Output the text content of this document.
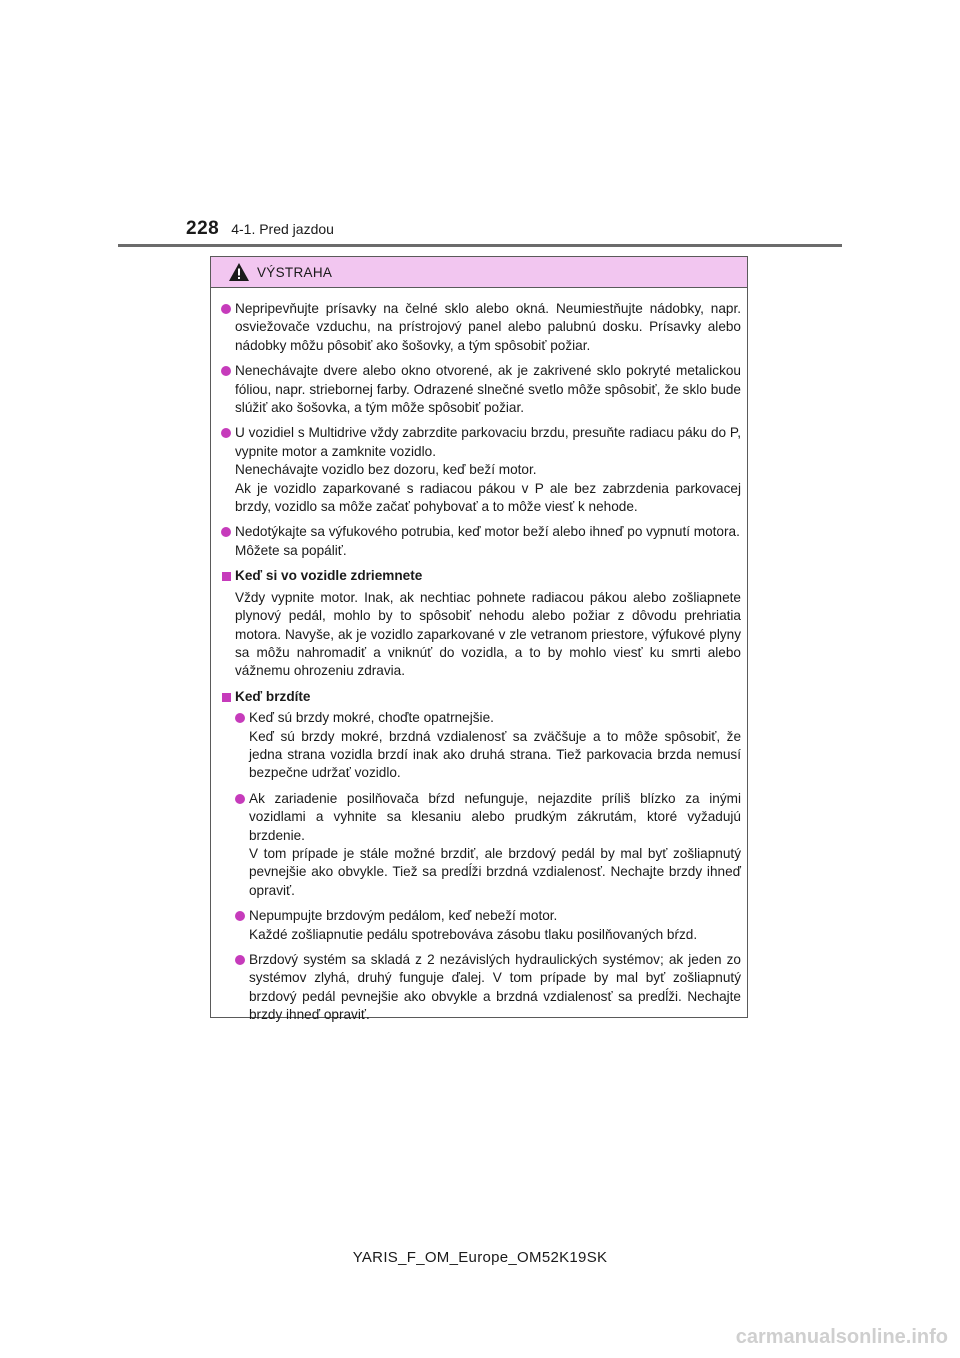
228 4-1. Pred jazdou
VÝSTRAHA

Nepripevňujte prísavky na čelné sklo alebo okná. Neumiestňujte nádobky, napr. osviežovače vzduchu, na prístrojový panel alebo palubnú dosku. Prísavky alebo nádobky môžu pôsobiť ako šošovky, a tým spôsobiť požiar.

Nenechávajte dvere alebo okno otvorené, ak je zakrivené sklo pokryté metalickou fóliou, napr. striebornej farby. Odrazené slnečné svetlo môže spôsobiť, že sklo bude slúžiť ako šošovka, a tým môže spôsobiť požiar.

U vozidiel s Multidrive vždy zabrzdite parkovaciu brzdu, presuňte radiacu páku do P, vypnite motor a zamknite vozidlo.

Nenechávajte vozidlo bez dozoru, keď beží motor.

Ak je vozidlo zaparkované s radiacou pákou v P ale bez zabrzdenia parkovacej brzdy, vozidlo sa môže začať pohybovať a to môže viesť k nehode.

Nedotýkajte sa výfukového potrubia, keď motor beží alebo ihneď po vypnutí motora.

Môžete sa popáliť.

Keď si vo vozidle zdriemnete

Vždy vypnite motor. Inak, ak nechtiac pohnete radiacou pákou alebo zošliapnete plynový pedál, mohlo by to spôsobiť nehodu alebo požiar z dôvodu prehriatia motora. Navyše, ak je vozidlo zaparkované v zle vetranom priestore, výfukové plyny sa môžu nahromadiť a vniknúť do vozidla, a to by mohlo viesť ku smrti alebo vážnemu ohrozeniu zdravia.

Keď brzdíte

Keď sú brzdy mokré, choďte opatrnejšie.

Keď sú brzdy mokré, brzdná vzdialenosť sa zväčšuje a to môže spôsobiť, že jedna strana vozidla brzdí inak ako druhá strana. Tiež parkovacia brzda nemusí bezpečne udržať vozidlo.

Ak zariadenie posilňovača bŕzd nefunguje, nejazdite príliš blízko za inými vozidlami a vyhnite sa klesaniu alebo prudkým zákrutám, ktoré vyžadujú brzdenie.

V tom prípade je stále možné brzdiť, ale brzdový pedál by mal byť zošliapnutý pevnejšie ako obvykle. Tiež sa predĺži brzdná vzdialenosť. Nechajte brzdy ihneď opraviť.

Nepumpujte brzdovým pedálom, keď nebeží motor.

Každé zošliapnutie pedálu spotrebováva zásobu tlaku posilňovaných bŕzd.

Brzdový systém sa skladá z 2 nezávislých hydraulických systémov; ak jeden zo systémov zlyhá, druhý funguje ďalej. V tom prípade by mal byť zošliapnutý brzdový pedál pevnejšie ako obvykle a brzdná vzdialenosť sa predĺži. Nechajte brzdy ihneď opraviť.

YARIS_F_OM_Europe_OM52K19SK
carmanualsonline.info
